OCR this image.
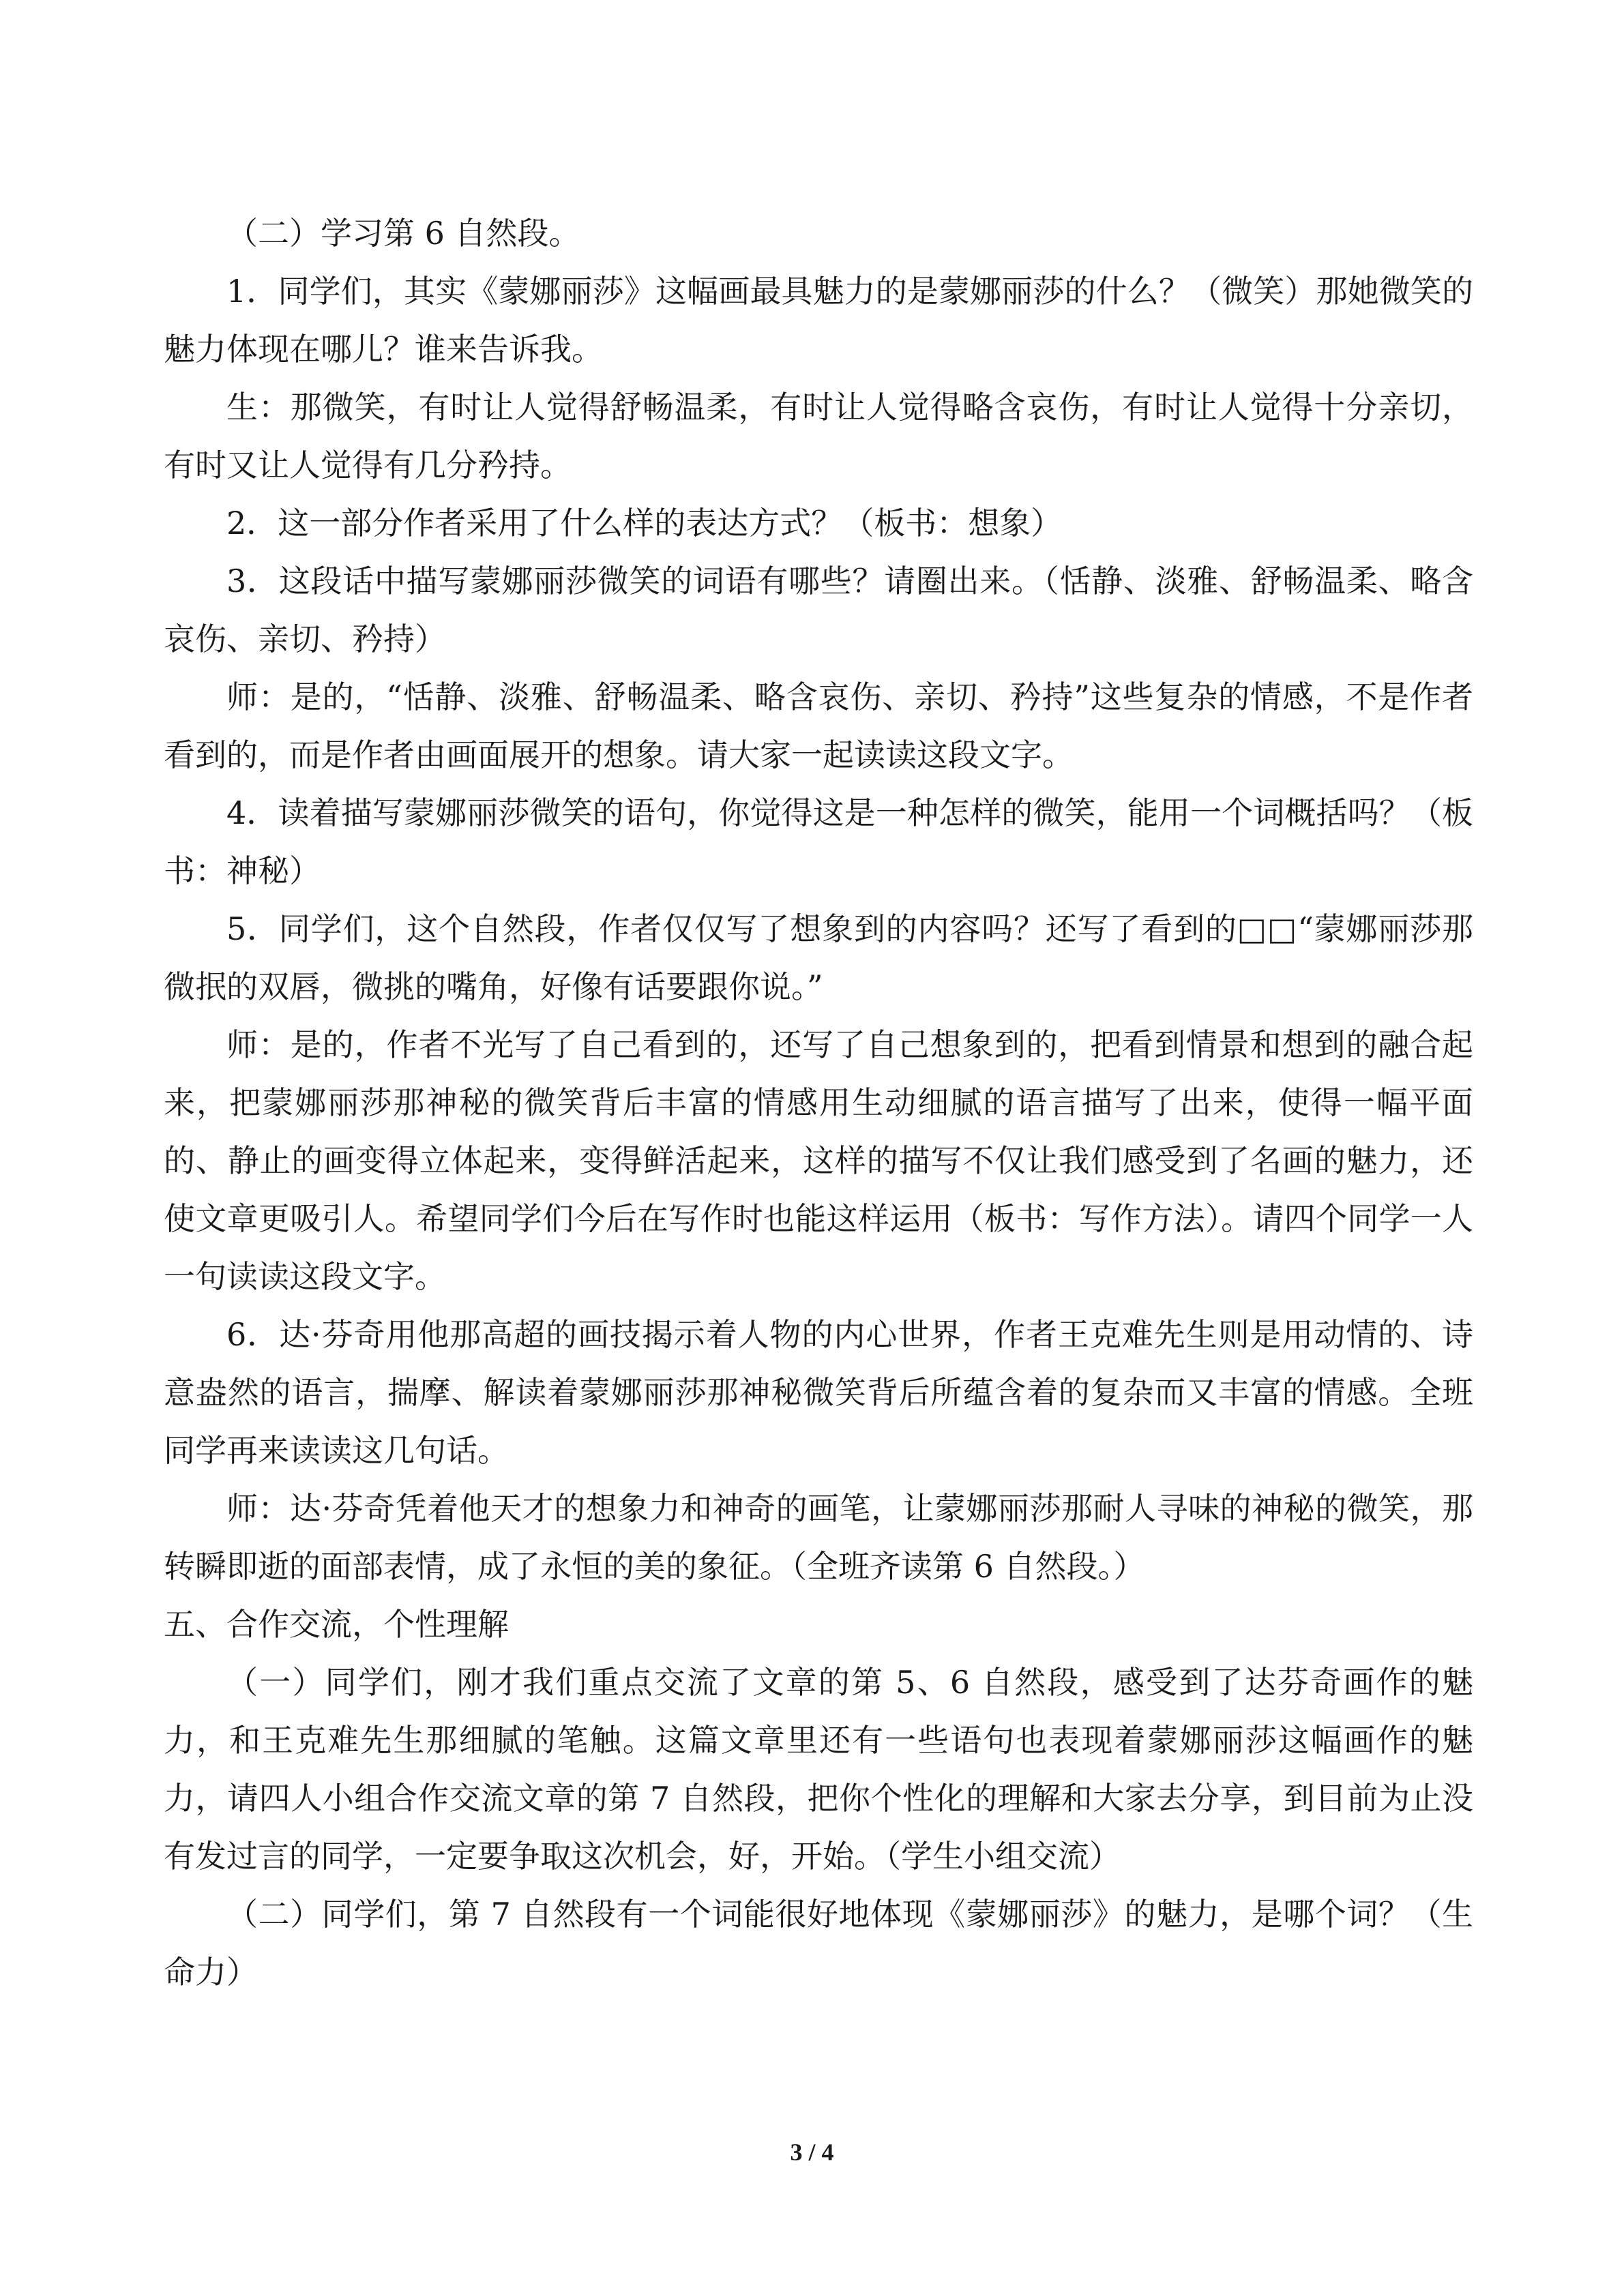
（二）学习第 6 自然段。

1．同学们，其实《蒙娜丽莎》这幅画最具魅力的是蒙娜丽莎的什么？（微笑）那她微笑的魅力体现在哪儿？谁来告诉我。

生：那微笑，有时让人觉得舒畅温柔，有时让人觉得略含哀伤，有时让人觉得十分亲切，有时又让人觉得有几分矜持。

2．这一部分作者采用了什么样的表达方式？（板书：想象）

3．这段话中描写蒙娜丽莎微笑的词语有哪些？请圈出来。（恬静、淡雅、舒畅温柔、略含哀伤、亲切、矜持）

师：是的，“恬静、淡雅、舒畅温柔、略含哀伤、亲切、矜持”这些复杂的情感，不是作者看到的，而是作者由画面展开的想象。请大家一起读读这段文字。

4．读着描写蒙娜丽莎微笑的语句，你觉得这是一种怎样的微笑，能用一个词概括吗？（板书：神秘）

5．同学们，这个自然段，作者仅仅写了想象到的内容吗？还写了看到的□□“蒙娜丽莎那微抿的双唇，微挑的嘴角，好像有话要跟你说。”

师：是的，作者不光写了自己看到的，还写了自己想象到的，把看到情景和想到的融合起来，把蒙娜丽莎那神秘的微笑背后丰富的情感用生动细腻的语言描写了出来，使得一幅平面的、静止的画变得立体起来，变得鲜活起来，这样的描写不仅让我们感受到了名画的魅力，还使文章更吸引人。希望同学们今后在写作时也能这样运用（板书：写作方法）。请四个同学一人一句读读这段文字。

6．达·芬奇用他那高超的画技揭示着人物的内心世界，作者王克难先生则是用动情的、诗意盎然的语言，揣摩、解读着蒙娜丽莎那神秘微笑背后所蕴含着的复杂而又丰富的情感。全班同学再来读读这几句话。

师：达·芬奇凭着他天才的想象力和神奇的画笔，让蒙娜丽莎那耐人寻味的神秘的微笑，那转瞬即逝的面部表情，成了永恒的美的象征。（全班齐读第 6 自然段。）

五、合作交流，个性理解

（一）同学们，刚才我们重点交流了文章的第 5、6 自然段，感受到了达芬奇画作的魅力，和王克难先生那细腻的笔触。这篇文章里还有一些语句也表现着蒙娜丽莎这幅画作的魅力，请四人小组合作交流文章的第 7 自然段，把你个性化的理解和大家去分享，到目前为止没有发过言的同学，一定要争取这次机会，好，开始。（学生小组交流）

（二）同学们，第 7 自然段有一个词能很好地体现《蒙娜丽莎》的魅力，是哪个词？（生命力）

3 / 4
